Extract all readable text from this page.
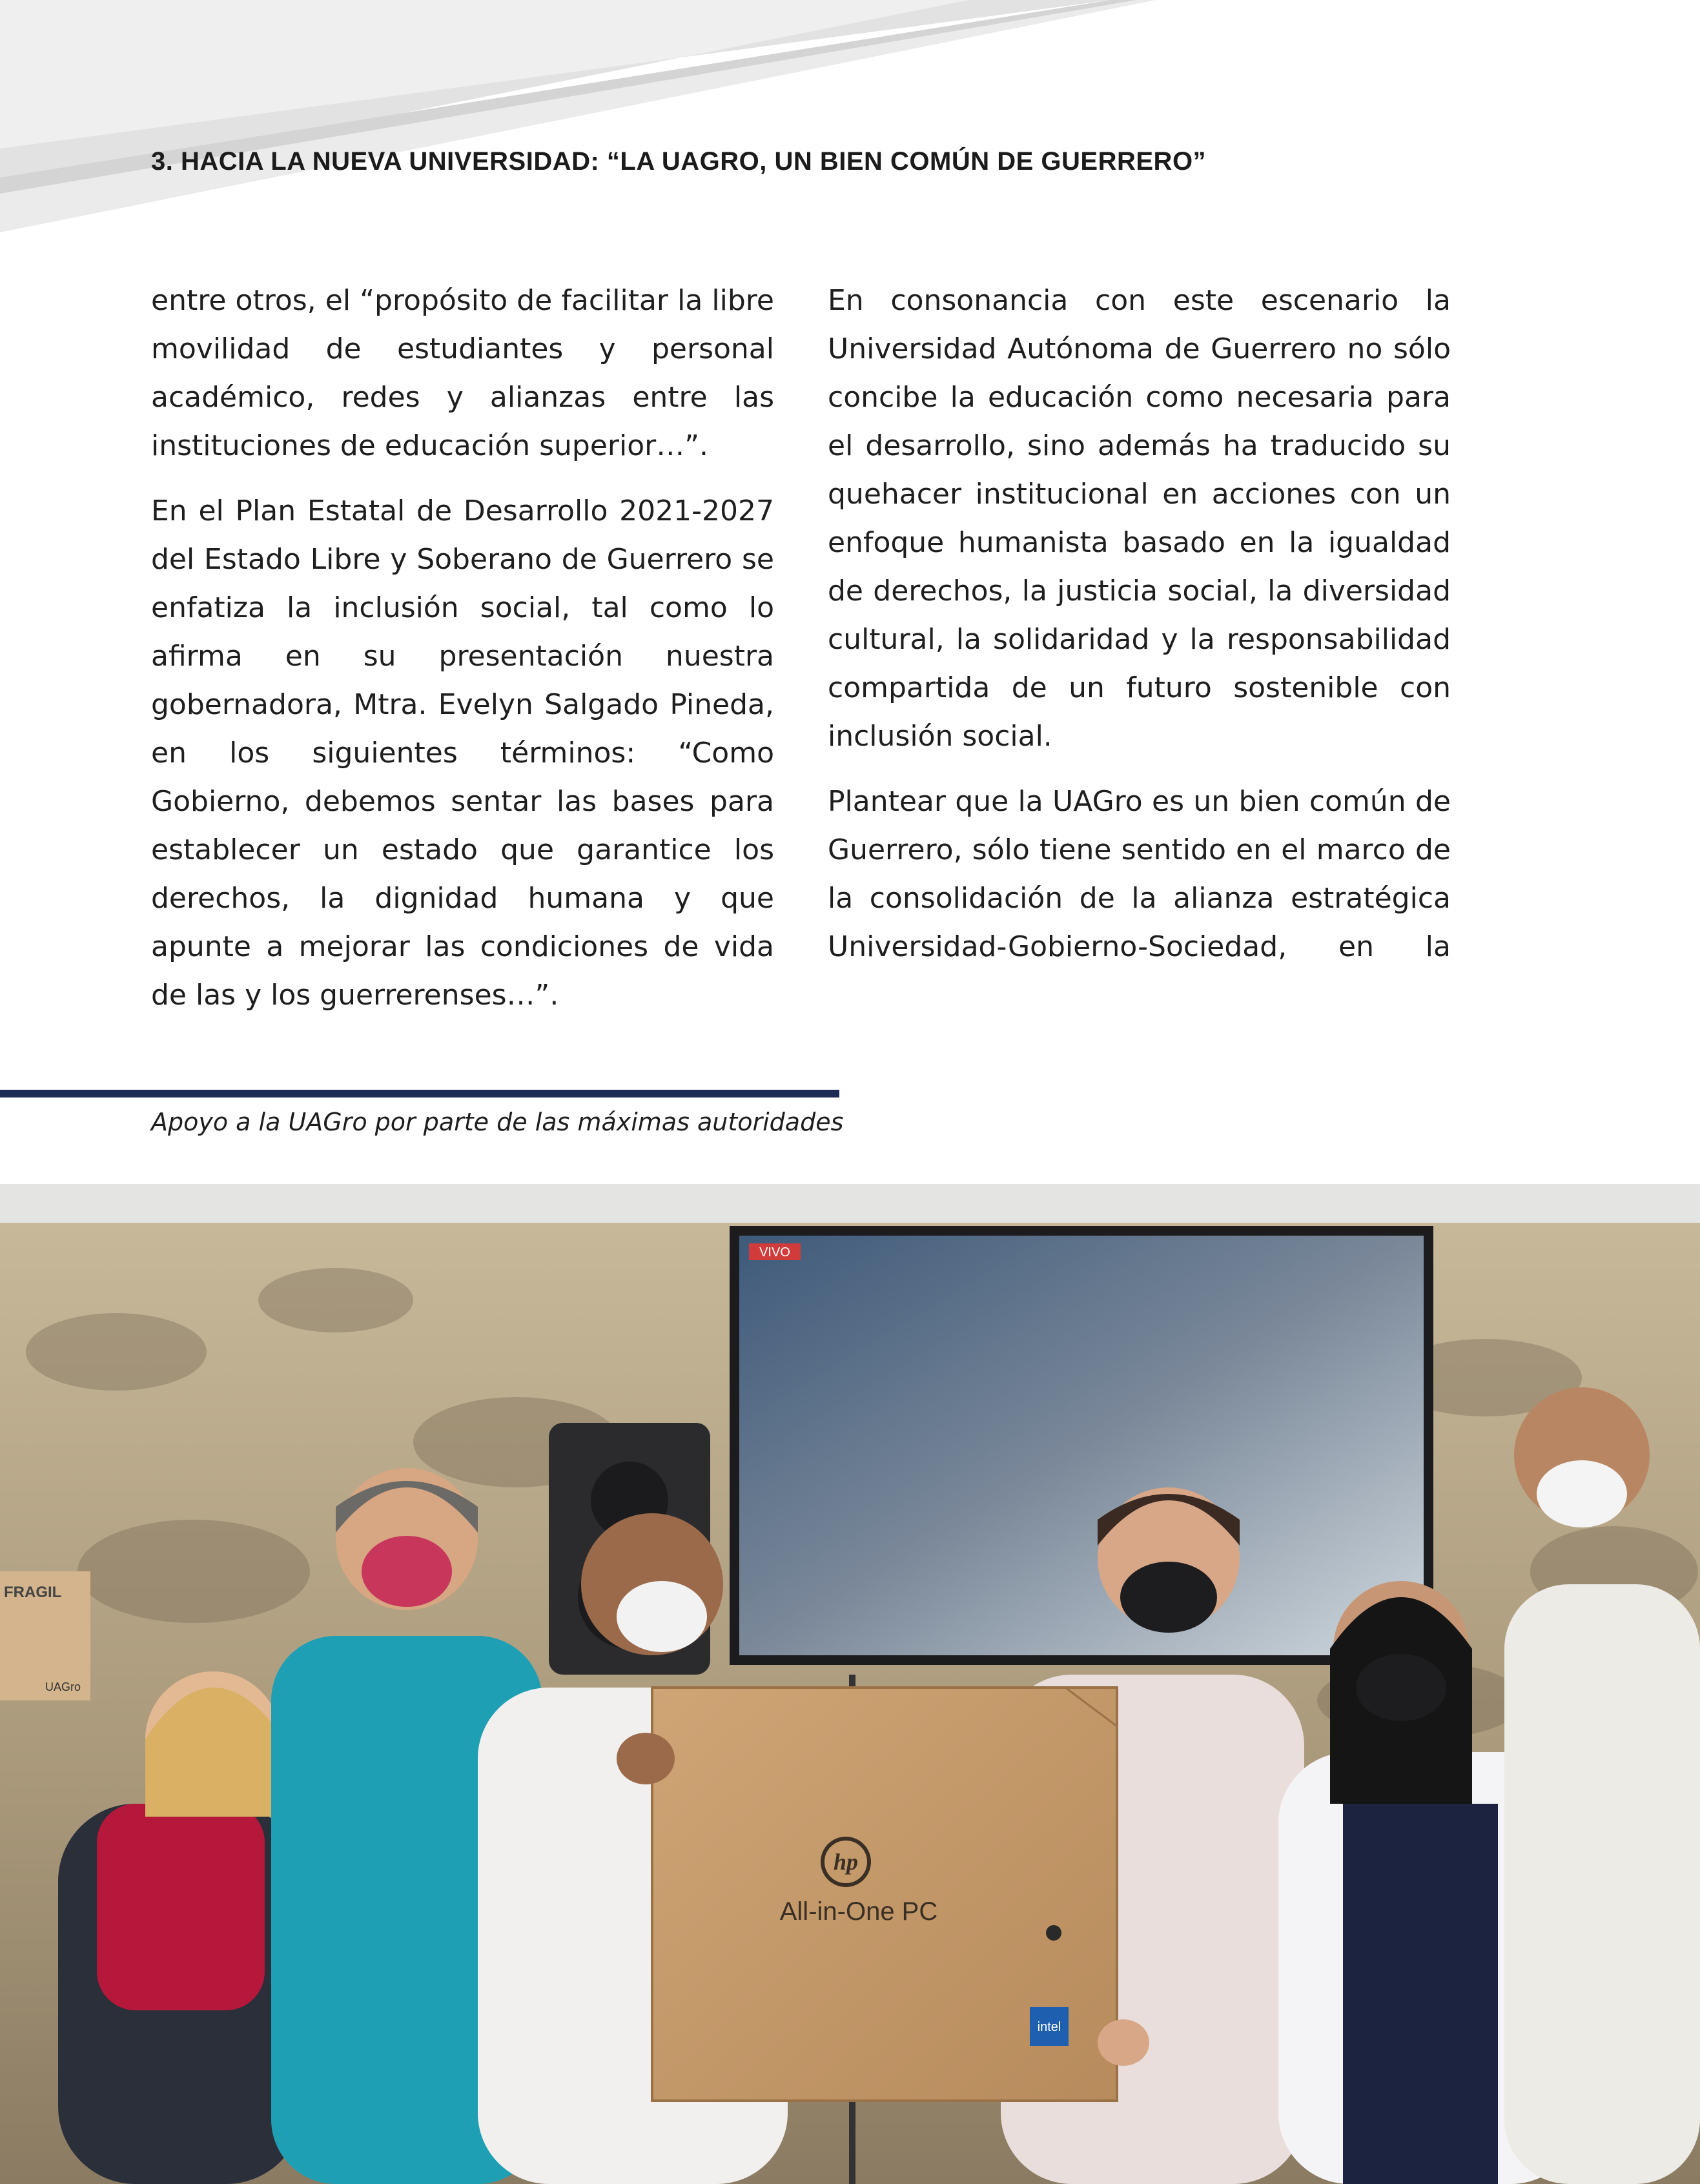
3. HACIA LA NUEVA UNIVERSIDAD: “LA UAGRO, UN BIEN COMÚN DE GUERRERO”

entre otros, el “propósito de facilitar la libre movilidad de estudiantes y personal académico, redes y alianzas entre las instituciones de educación superior…”.

En el Plan Estatal de Desarrollo 2021-2027 del Estado Libre y Soberano de Guerrero se enfatiza la inclusión social, tal como lo afirma en su presentación nuestra gobernadora, Mtra. Evelyn Salgado Pineda, en los siguientes términos: “Como Gobierno, debemos sentar las bases para establecer un estado que garantice los derechos, la dignidad humana y que apunte a mejorar las condiciones de vida de las y los guerrerenses…”.

En consonancia con este escenario la Universidad Autónoma de Guerrero no sólo concibe la educación como necesaria para el desarrollo, sino además ha traducido su quehacer institucional en acciones con un enfoque humanista basado en la igualdad de derechos, la justicia social, la diversidad cultural, la solidaridad y la responsabilidad compartida de un futuro sostenible con inclusión social.

Plantear que la UAGro es un bien común de Guerrero, sólo tiene sentido en el marco de la consolidación de la alianza estratégica Universidad-Gobierno-Sociedad, en la

Apoyo a la UAGro por parte de las máximas autoridades
VIVO
FRAGIL
hp
All-in-One PC
intel
UAGro
